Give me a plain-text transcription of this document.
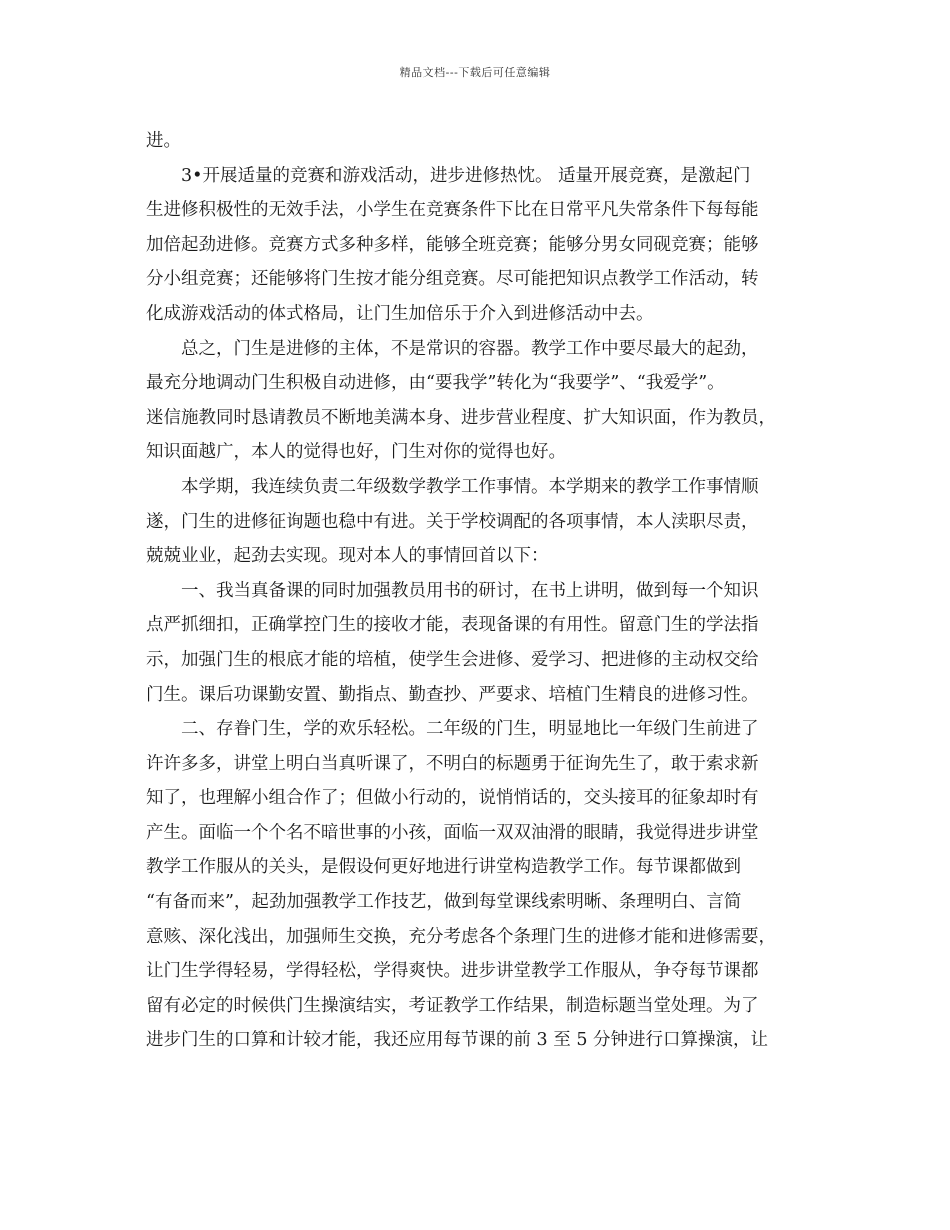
精品文档---下载后可任意编辑
进。
3•开展适量的竞赛和游戏活动，进步进修热忱。 适量开展竞赛，是激起门
生进修积极性的无效手法，小学生在竞赛条件下比在日常平凡失常条件下每每能
加倍起劲进修。竞赛方式多种多样，能够全班竞赛；能够分男女同砚竞赛；能够
分小组竞赛；还能够将门生按才能分组竞赛。尽可能把知识点教学工作活动，转
化成游戏活动的体式格局，让门生加倍乐于介入到进修活动中去。
总之，门生是进修的主体，不是常识的容器。教学工作中要尽最大的起劲，
最充分地调动门生积极自动进修，由“要我学”转化为“我要学”、“我爱学”。
迷信施教同时恳请教员不断地美满本身、进步营业程度、扩大知识面，作为教员，
知识面越广，本人的觉得也好，门生对你的觉得也好。
本学期，我连续负责二年级数学教学工作事情。本学期来的教学工作事情顺
遂，门生的进修征询题也稳中有进。关于学校调配的各项事情，本人渎职尽责，
兢兢业业，起劲去实现。现对本人的事情回首以下：
一、我当真备课的同时加强教员用书的研讨，在书上讲明，做到每一个知识
点严抓细扣，正确掌控门生的接收才能，表现备课的有用性。留意门生的学法指
示，加强门生的根底才能的培植，使学生会进修、爱学习、把进修的主动权交给
门生。课后功课勤安置、勤指点、勤查抄、严要求、培植门生精良的进修习性。
二、存眷门生，学的欢乐轻松。二年级的门生，明显地比一年级门生前进了
许许多多，讲堂上明白当真听课了，不明白的标题勇于征询先生了，敢于索求新
知了，也理解小组合作了；但做小行动的，说悄悄话的，交头接耳的征象却时有
产生。面临一个个名不暗世事的小孩，面临一双双油滑的眼睛，我觉得进步讲堂
教学工作服从的关头，是假设何更好地进行讲堂构造教学工作。每节课都做到
“有备而来”，起劲加强教学工作技艺，做到每堂课线索明晰、条理明白、言简
意赅、深化浅出，加强师生交换，充分考虑各个条理门生的进修才能和进修需要，
让门生学得轻易，学得轻松，学得爽快。进步讲堂教学工作服从，争夺每节课都
留有必定的时候供门生操演结实，考证教学工作结果，制造标题当堂处理。为了
进步门生的口算和计较才能，我还应用每节课的前 3 至 5 分钟进行口算操演，让
